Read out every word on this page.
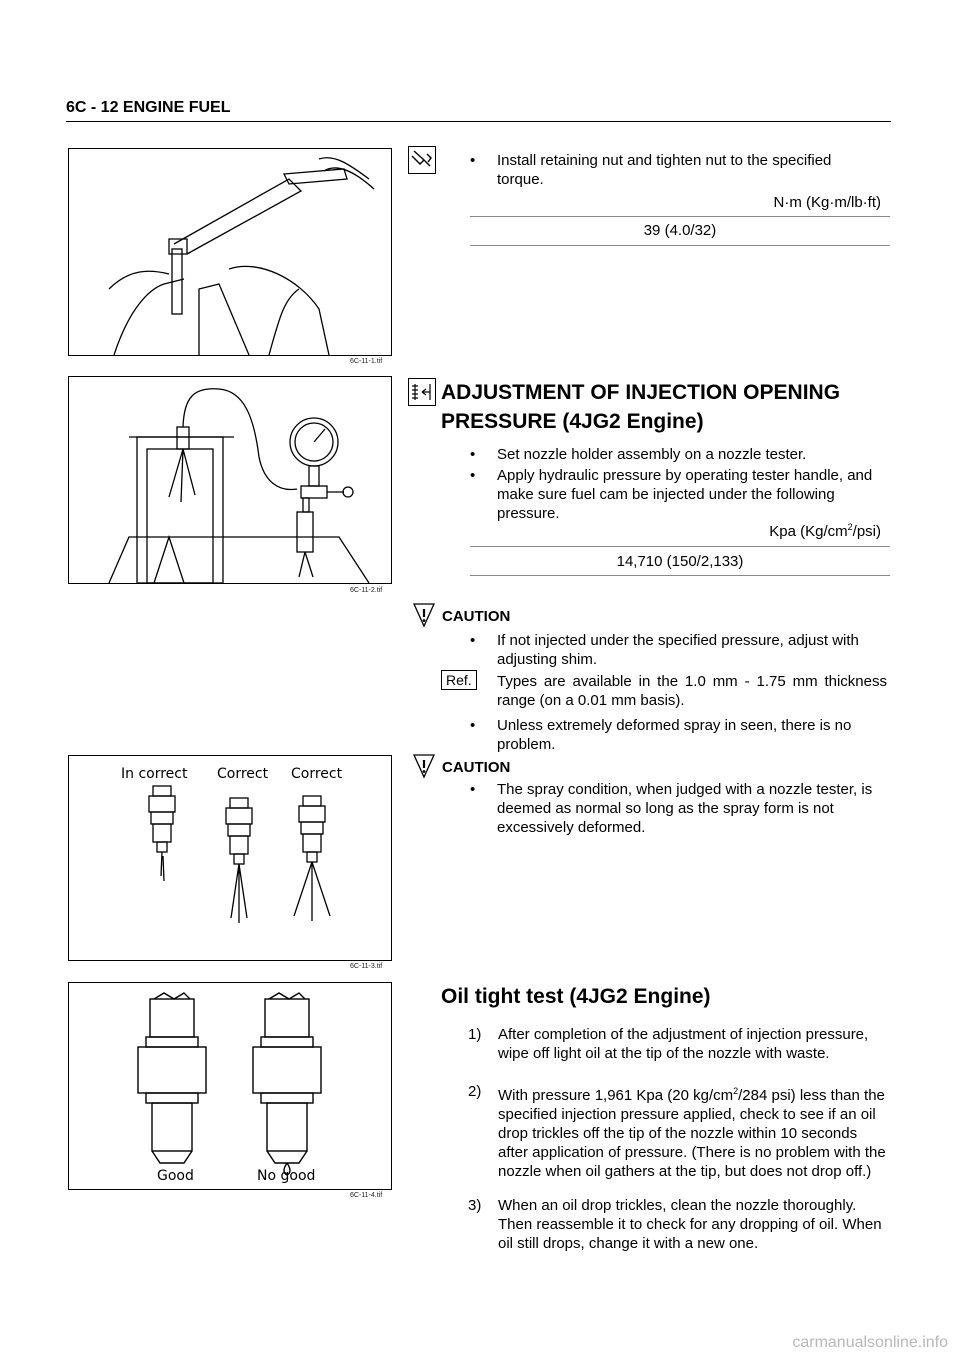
6C - 12 ENGINE FUEL
6C-11-1.tif
• Install retaining nut and tighten nut to the specified torque.
N·m (Kg·m/lb·ft)
39 (4.0/32)
6C-11-2.tif
ADJUSTMENT OF INJECTION OPENING
PRESSURE (4JG2 Engine)
• Set nozzle holder assembly on a nozzle tester.
• Apply hydraulic pressure by operating tester handle, and make sure fuel cam be injected under the following pressure.
Kpa $(Kg/cm^2/psi)$
14,710 (150/2,133)
CAUTION
• If not injected under the specified pressure, adjust with adjusting shim.
Ref.	Types are available in the 1.0 mm - 1.75 mm thickness range (on a 0.01 mm basis).
• Unless extremely deformed spray in seen, there is no problem.
In correct Correct Correct
6C-11-3.tif
CAUTION
• The spray condition, when judged with a nozzle tester, is deemed as normal so long as the spray form is not excessively deformed.
Good	No good
6C-11-4.tif
Oil tight test (4JG2 Engine)
1) After completion of the adjustment of injection pressure, wipe off light oil at the tip of the nozzle with waste.
2) With pressure 1,961 Kpa (20 $kg/cm^2/284$ psi) less than the specified injection pressure applied, check to see if an oil drop trickles off the tip of the nozzle within 10 seconds after application of pressure. (There is no problem with the nozzle when oil gathers at the tip, but does not drop off.)
3) When an oil drop trickles, clean the nozzle thoroughly. Then reassemble it to check for any dropping of oil. When oil still drops, change it with a new one.
carmanualsonline.info
